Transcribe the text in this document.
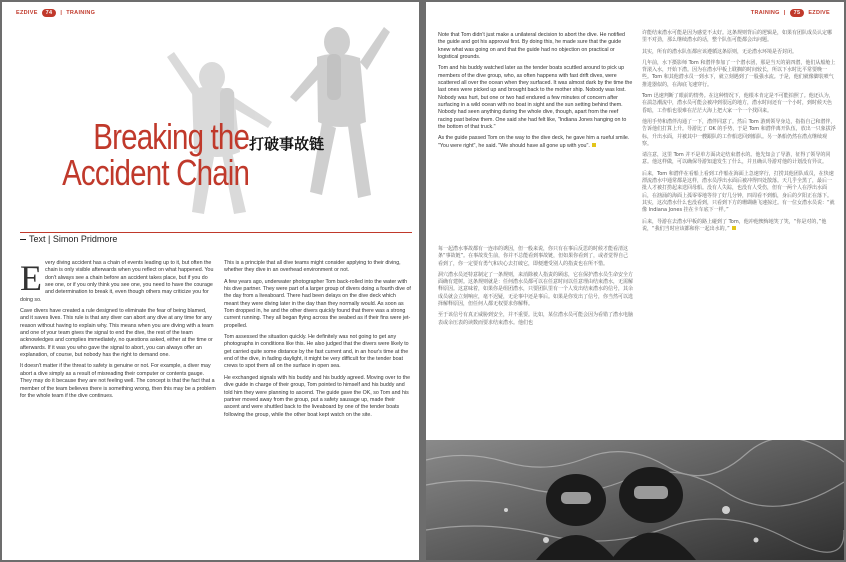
EZDIVE	74	| TRAINING
Breaking the
Accident Chain
打破事故链
Text | Simon Pridmore

Every diving accident has a chain of events leading up to it, but often the chain is only visible afterwards when you reflect on what happened. You don't always see a chain before an accident takes place, but if you do see one, or if you only think you see one, you need to have the courage and determination to break it, even though others may criticize you for doing so.

Cave divers have created a rule designed to eliminate the fear of being blamed, and it saves lives. This rule is that any diver can abort any dive at any time for any reason without having to explain why. This means when you are diving with a team and one of your team gives the signal to end the dive, the rest of the team acknowledges and complies immediately, no questions asked, either at the time or afterwards. If it was you who gave the signal to abort, you can always offer an explanation, of course, but nobody has the right to demand one.

It doesn't matter if the threat to safety is genuine or not. For example, a diver may abort a dive simply as a result of misreading their computer or contents gauge. They may do it because they are not feeling well. The concept is that the fact that a member of the team believes there is something wrong, then this may be a problem for the whole team if the dive continues.

This is a principle that all dive teams might consider applying to their diving, whether they dive in an overhead environment or not.

A few years ago, underwater photographer Tom back-rolled into the water with his dive partner. They were part of a larger group of divers doing a fourth dive of the day from a liveaboard. There had been delays on the dive deck which meant they were diving later in the day than they normally would. As soon as Tom dropped in, he and the other divers quickly found that there was a strong current running. They all began flying across the seabed as if their fins were jet-propelled.

Tom assessed the situation quickly. He definitely was not going to get any photographs in conditions like this. He also judged that the divers were likely to get carried quite some distance by the fast current and, in an hour's time at the end of the dive, in fading daylight, it might be very difficult for the tender boat crews to spot them all on the surface in open sea.

He exchanged signals with his buddy and his buddy agreed. Moving over to the dive guide in charge of their group, Tom pointed to himself and his buddy and told him they were planning to ascend. The guide gave the OK, so Tom and his partner moved away from the group, put a safety sausage up, made their ascent and were shuttled back to the liveaboard by one of the tender boats following the group, while the other boat kept watch on the site.

TRAINING |	75	EZDIVE

Note that Tom didn't just make a unilateral decision to abort the dive. He notified the guide and got his approval first. By doing this, he made sure that the guide knew what was going on and that the guide had no objection on practical or logistical grounds.

Tom and his buddy watched later as the tender boats scuttled around to pick up members of the dive group, who, as often happens with fast drift dives, were scattered all over the ocean when they surfaced. It was almost dark by the time the last ones were picked up and brought back to the mother ship. Nobody was lost. Nobody was hurt, but one or two had endured a few minutes of concern after surfacing in a wild ocean with no boat in sight and the sun setting behind them. Nobody had seen anything during the whole dive, though, apart from the reef racing past below them. One said she had felt like, "Indiana Jones hanging on to the bottom of that truck."

As the guide passed Tom on the way to the dive deck, he gave him a rueful smile. "You were right", he said. "We should have all gone up with you".

每一起潜水事故都有一连串的诱因，但一般来说，你只有在事后反思的时候才能看清这条“事故链”。在事故发生前，你并不总能看到事故链，但如果你看到了，或者觉得自己看到了，你一定要有勇气和决心去打破它，即便遭受别人的指责也在所不惜。

洞穴潜水员还特意制定了一条规则，来消除被人指责的顾虑，它在保护潜水员生命安全方面确有建树。这条规则就是：任何潜水员都可以在任意时间以任意理由结束潜水，无需解释原因。这意味着，如果你是组团潜水，只要团队里有一个人发出结束潜水的信号，其余成员就会立刻响应，毫不迟疑，无论事中还是事后。如果是你发出了信号，你当然可以选择解释原因，但任何人都无权要求你解释。

至于该信号有真正威胁到安全，并不重要。比如，某位潜水员可能会因为看错了潜水电脑表或余压表的读数而要求结束潜水。他们也

许能结束潜水可能是因为感觉不太好。这条规则背后的逻辑是，如果有团队成员认定哪里不对劲，那么继续潜水的话，整个队伍可能都会出问题。

其实，所有的潜水队伍都应该遵循这条原则，无论潜水环境是否封闭。

几年前，水下摄影师 Tom 和潜伴参加了一个潜水团，那是当天的第四潜，他们从船舱上背滚入水，开始下潜。因为在潜水甲板上耽搁的时间较长，所以下水时比平常要晚一些。Tom 和其他潜水员一到水下，就立刻遇到了一股强水流。于是，他们就像脚装喷气推进器似的，在海底飞速穿行。

Tom 迅速判断了眼前的情势。在这种情况下，他根本肯定是不可能拍照了。他还认为，在湍急潮流中，潜水员可能会被冲到很远的地方，潜水时间还有一个小时，到时候天色昏暗，工作船也很难在茫茫大海上把大家一个一个找回来。

他用手势和潜伴沟通了一下，潜伴同意了。然后 Tom 游到领导身边，指指自己和潜伴，告诉他们打算上升。导游比了 OK 的手势，于是 Tom 和潜伴离开队伍，放出一只象拔浮标，升出水面，并被其中一艘跟队的工作船送回到船队。另一条船仍然在潜点继续观察。

请注意，这里 Tom 并不是单方面决定结束潜水的。他先知会了导游，征得了领导的同意。他这样做，可以确保导游知道发生了什么，并且确认导游对他的计划没有异议。

后来，Tom 和潜伴在看船上看到工作船在海面上急速穿行，打捞其他团队成员，在快速漂流潜水中通常都是这样，潜水员浮出水面后被冲得四处散落。天几乎全黑了，最后一批人才被打捞起来送回母船。没有人失踪，也没有人受伤，但有一两个人在浮出水面后，在汹涌的海面上孤零零地等待了好几分钟，四周看不到船，身后的夕阳正在落下。其实，这次潜水什么也没看到，只看到下方的珊瑚礁飞速掠过。有一位女潜水员说：“就像 Indiana Jones 挂在卡车底下一样。”

后来，导游在去潜水甲板的路上碰到了 Tom，他冲他懊悔地笑了笑，“你是对的，”他说，“我们当时应该都和你一起出水的。”
